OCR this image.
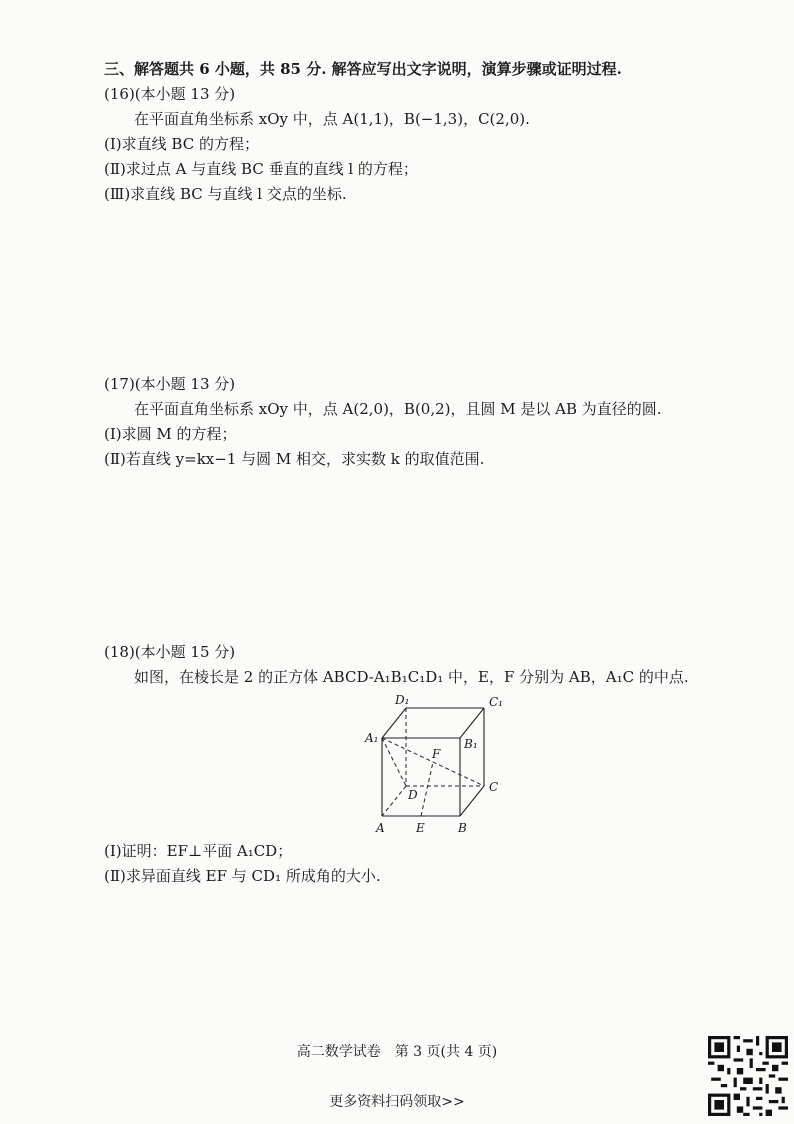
三、解答题共 6 小题，共 85 分. 解答应写出文字说明，演算步骤或证明过程.
(16)(本小题 13 分)
在平面直角坐标系 xOy 中，点 A(1,1)，B(−1,3)，C(2,0).
(Ⅰ)求直线 BC 的方程；
(Ⅱ)求过点 A 与直线 BC 垂直的直线 l 的方程；
(Ⅲ)求直线 BC 与直线 l 交点的坐标.
(17)(本小题 13 分)
在平面直角坐标系 xOy 中，点 A(2,0)，B(0,2)，且圆 M 是以 AB 为直径的圆.
(Ⅰ)求圆 M 的方程；
(Ⅱ)若直线 y=kx−1 与圆 M 相交，求实数 k 的取值范围.
(18)(本小题 15 分)
如图，在棱长是 2 的正方体 ABCD-A₁B₁C₁D₁ 中，E，F 分别为 AB，A₁C 的中点.
D₁	C₁
A₁	B₁
F
D
C
A	E	B
(Ⅰ)证明：EF⊥平面 A₁CD；
(Ⅱ)求异面直线 EF 与 CD₁ 所成角的大小.
高二数学试卷　第 3 页(共 4 页)
更多资料扫码领取>>
